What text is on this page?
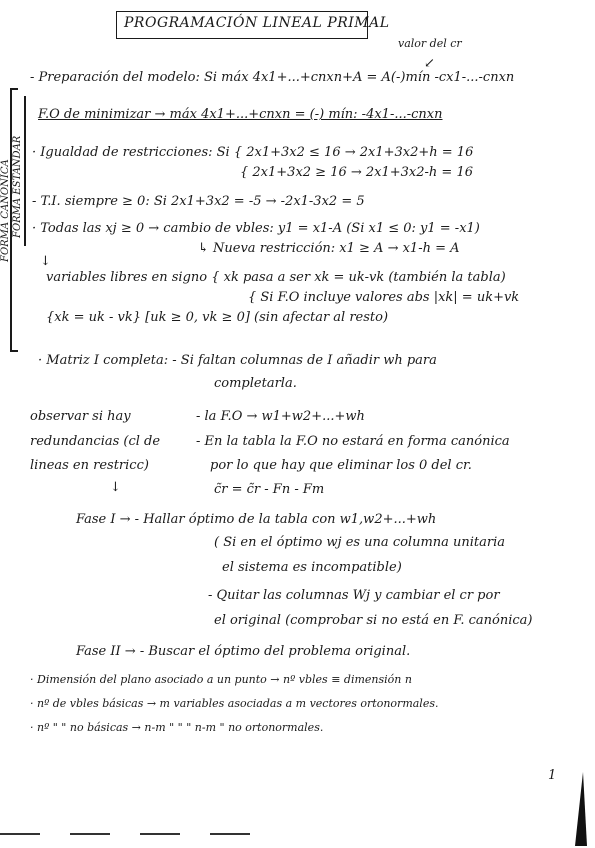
PROGRAMACIÓN LINEAL PRIMAL
valor del cr
↙
FORMA CANÓNICA FORMA ESTÁNDAR
- Preparación del modelo: Si máx 4x1+...+cnxn+A = A(-)mín -cx1-...-cnxn
F.O de minimizar → máx 4x1+...+cnxn = (-) mín: -4x1-...-cnxn
· Igualdad de restricciones: Si { 2x1+3x2 ≤ 16 → 2x1+3x2+h = 16
{ 2x1+3x2 ≥ 16 → 2x1+3x2-h = 16
- T.I. siempre ≥ 0: Si 2x1+3x2 = -5 → -2x1-3x2 = 5
· Todas las xj ≥ 0 → cambio de vbles: y1 = x1-A (Si x1 ≤ 0: y1 = -x1)
↳ Nueva restricción: x1 ≥ A → x1-h = A
↓
variables libres en signo { xk pasa a ser xk = uk-vk (también la tabla)
{ Si F.O incluye valores abs |xk| = uk+vk
{xk = uk - vk} [uk ≥ 0, vk ≥ 0] (sin afectar al resto)
· Matriz I completa: - Si faltan columnas de I añadir wh para
completarla.
observar si hay	- la F.O → w1+w2+...+wh
redundancias (cl de	- En la tabla la F.O no estará en forma canónica
lineas en restricc)	por lo que hay que eliminar los 0 del cr.
↓	c̃r = c̃r - Fn - Fm
Fase I → - Hallar óptimo de la tabla con w1,w2+...+wh
( Si en el óptimo wj es una columna unitaria
el sistema es incompatible)
- Quitar las columnas Wj y cambiar el cr por
el original (comprobar si no está en F. canónica)
Fase II → - Buscar el óptimo del problema original.
· Dimensión del plano asociado a un punto → nº vbles ≡ dimensión n
· nº de vbles básicas → m variables asociadas a m vectores ortonormales.
· nº " " no básicas → n-m " " " n-m " no ortonormales.
1
